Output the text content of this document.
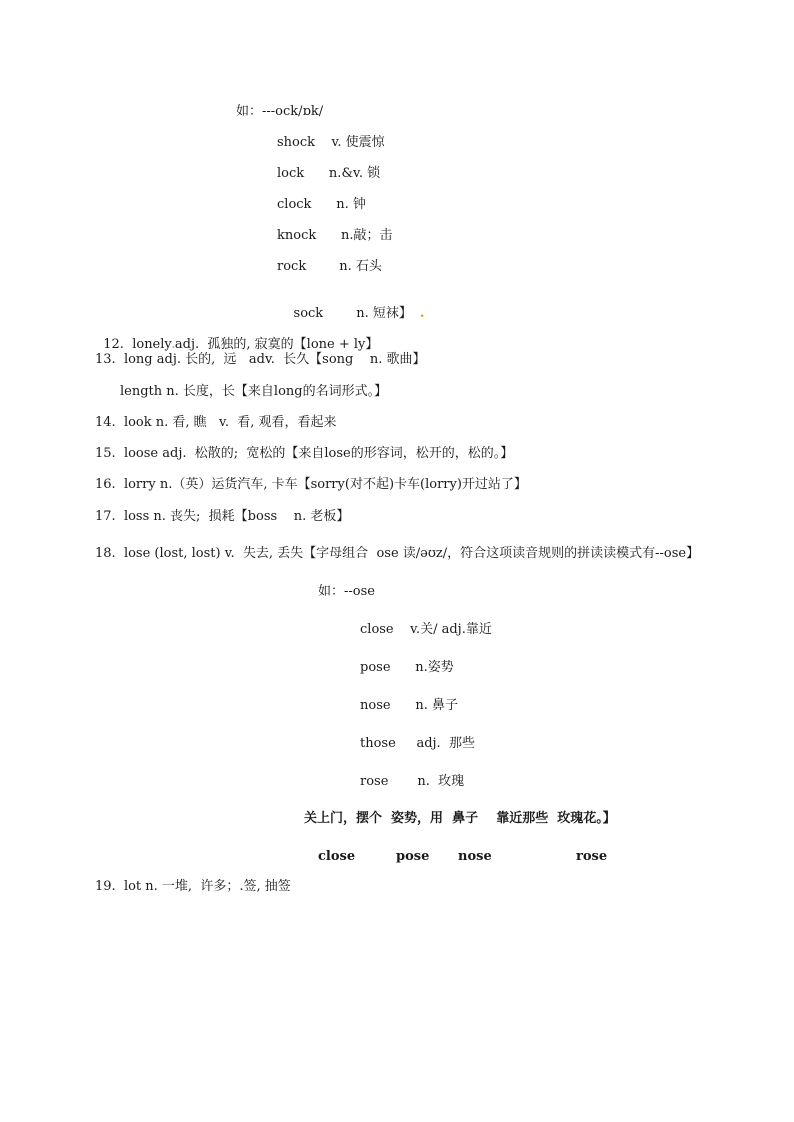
如：---ock/ɒk/
shock    v. 使震惊
lock      n.&v. 锁
clock      n. 钟
knock      n.敲；击
rock        n. 石头

sock        n. 短袜】 .

12.  lonely.adj.  孤独的, 寂寞的【lone + ly】

13.  long adj. 长的,  远   adv.  长久【song    n. 歌曲】
length n. 长度，长【来自long的名词形式。】
14.  look n. 看, 瞧   v.  看, 观看，看起来
15.  loose adj.  松散的;  宽松的【来自lose的形容词，松开的，松的。】
16.  lorry n.（英）运货汽车, 卡车【sorry(对不起)卡车(lorry)开过站了】
17.  loss n. 丧失;  损耗【boss    n. 老板】
18.  lose (lost, lost) v.  失去, 丢失【字母组合  ose 读/əʊz/，符合这项读音规则的拼读读模式有--ose】
如：--ose
close    v.关/ adj.靠近
pose      n.姿势
nose      n. 鼻子
those     adj.  那些
rose       n.  玫瑰
关上门，摆个  姿势，用  鼻子    靠近那些  玫瑰花。】
close	pose nose	rose
19.  lot n. 一堆,  许多；.签, 抽签
